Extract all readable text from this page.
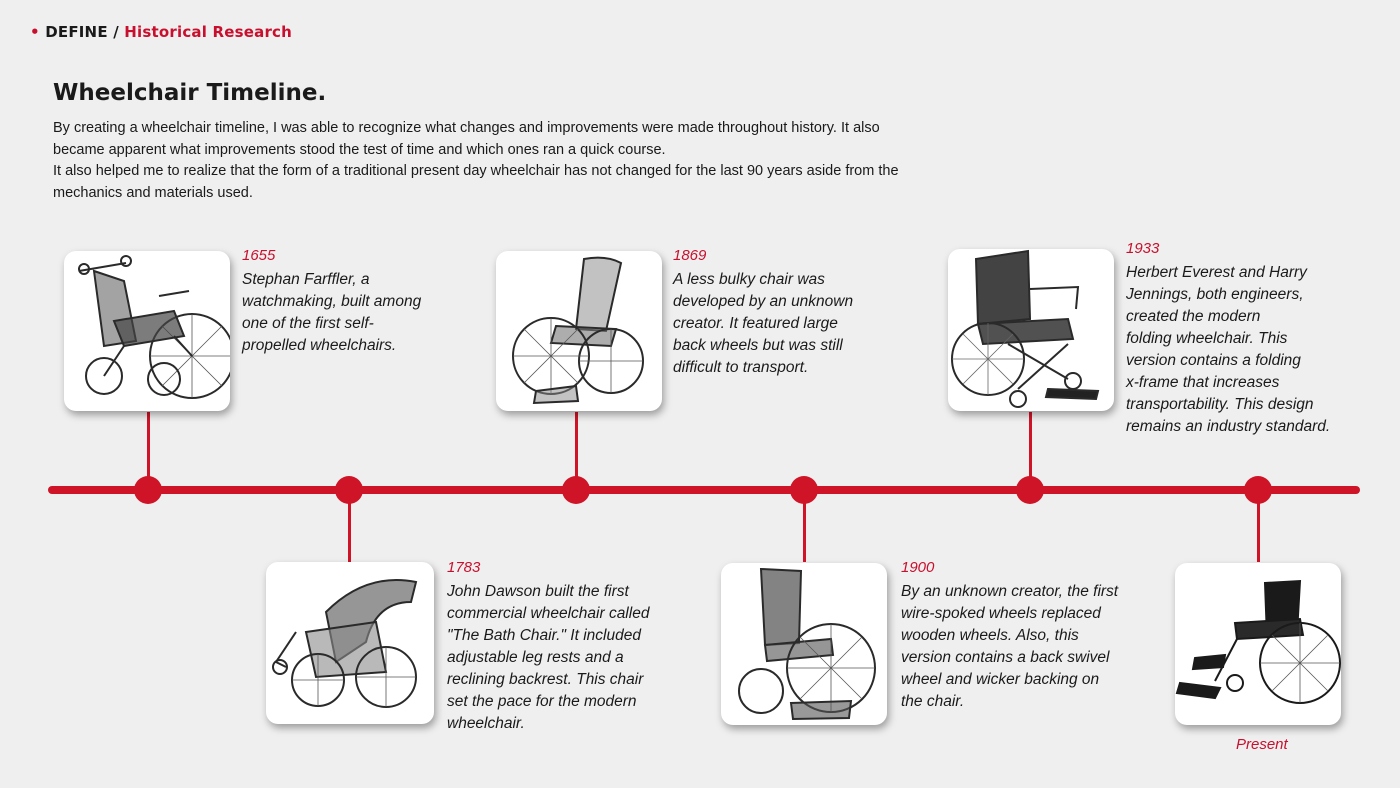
• DEFINE / Historical Research
Wheelchair Timeline.

By creating a wheelchair timeline, I was able to recognize what changes and improvements were made throughout history. It also became apparent what improvements stood the test of time and which ones ran a quick course.

It also helped me to realize that the form of a traditional present day wheelchair has not changed for the last 90 years aside from the mechanics and materials used.

1655

Stephan Farffler, a
watchmaking, built among
one of the first self-
propelled wheelchairs.

1783

John Dawson built the first
commercial wheelchair called
"The Bath Chair." It included
adjustable leg rests and a
reclining backrest. This chair
set the pace for the modern
wheelchair.

1869

A less bulky chair was
developed by an unknown
creator. It featured large
back wheels but was still
difficult to transport.

1900

By an unknown creator, the first
wire-spoked wheels replaced
wooden wheels. Also, this
version contains a back swivel
wheel and wicker backing on
the chair.

1933

Herbert Everest and Harry
Jennings, both engineers,
created the modern
folding wheelchair. This
version contains a folding
x-frame that increases
transportability. This design
remains an industry standard.

Present
